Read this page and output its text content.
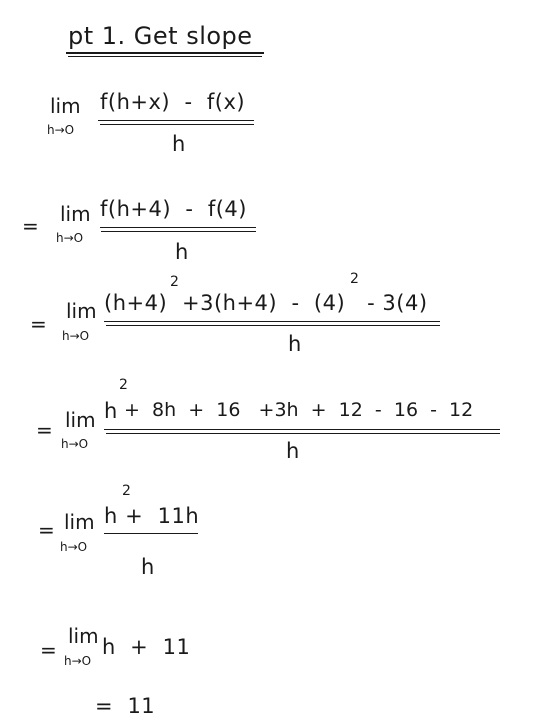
pt 1. Get slope
lim
h→O
f(h+x)  -  f(x)
h
= lim
h→O
f(h+4)  -  f(4)
h
=
lim
h→O
2	2
(h+4) +3(h+4)  -  (4) - 3(4)
h
= lim
h→O
2
h +  8h  +  16   +3h  +  12  -  16  -  12
h
= lim
h→O
2
h +  11h
h
=
lim
h→O
h  +  11
=  11
